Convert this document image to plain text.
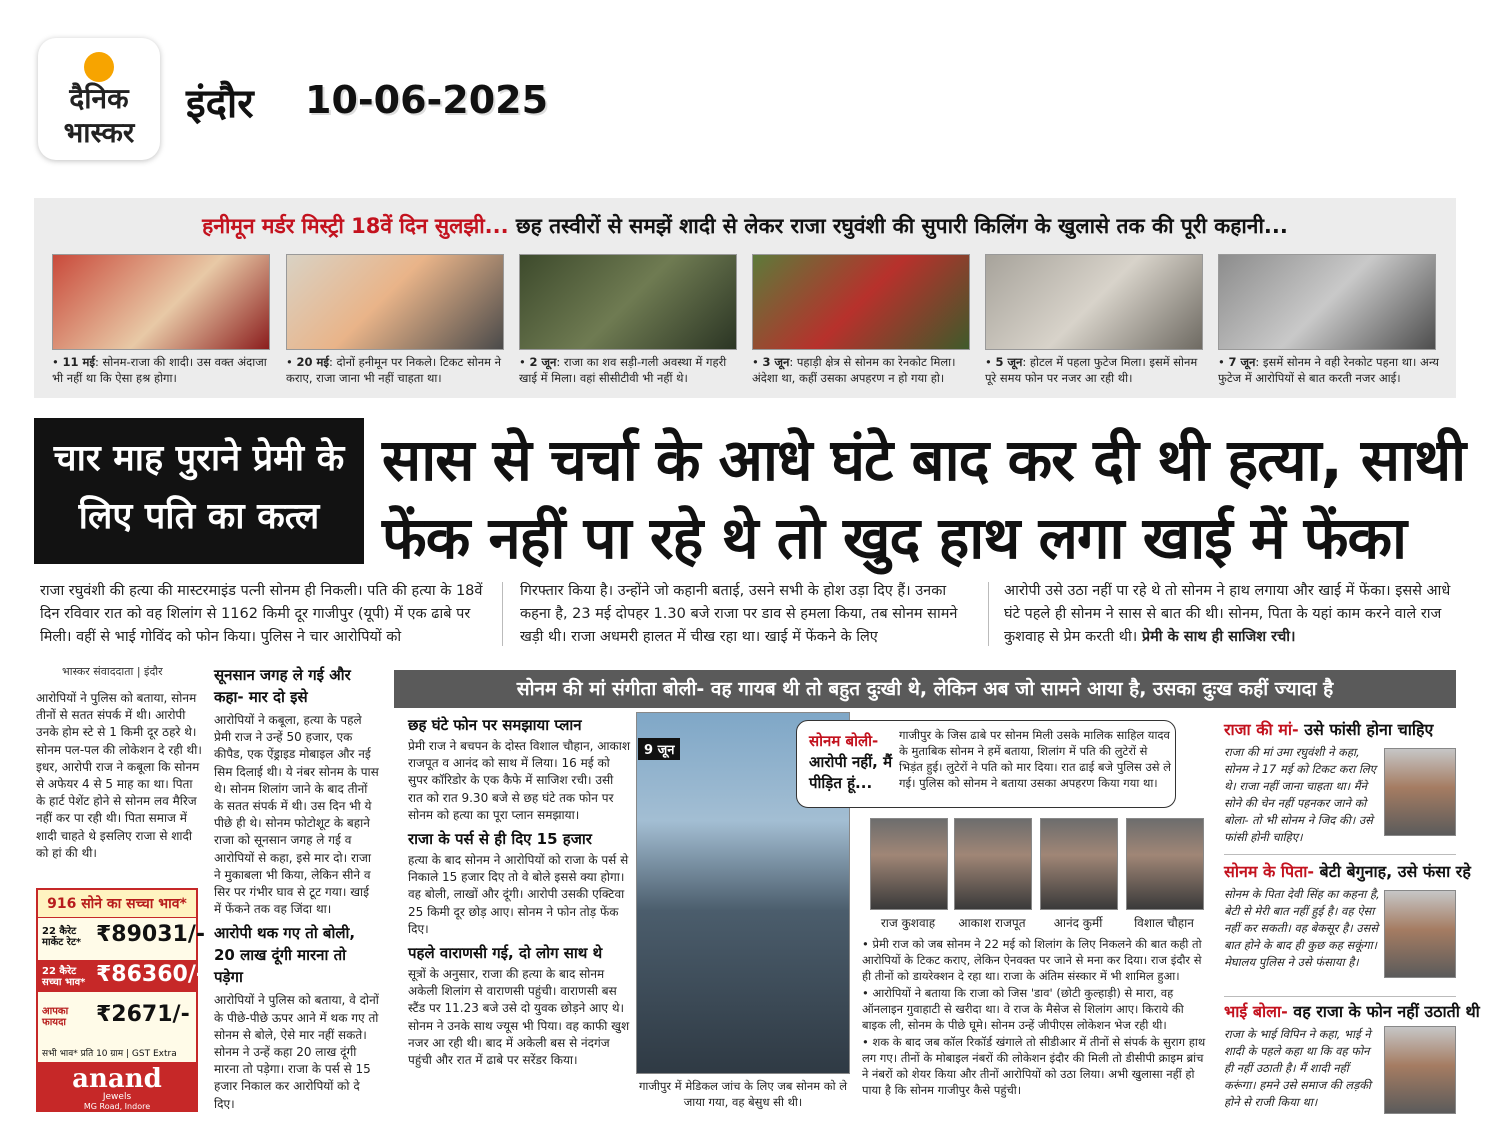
दैनिक
भास्कर
इंदौर 10-06-2025
हनीमून मर्डर मिस्ट्री 18वें दिन सुलझी... छह तस्वीरों से समझें शादी से लेकर राजा रघुवंशी की सुपारी किलिंग के खुलासे तक की पूरी कहानी...
• 11 मई: सोनम-राजा की शादी। उस वक्त अंदाजा भी नहीं था कि ऐसा हश्र होगा।
• 20 मई: दोनों हनीमून पर निकले। टिकट सोनम ने कराए, राजा जाना भी नहीं चाहता था।
• 2 जून: राजा का शव सड़ी-गली अवस्था में गहरी खाई में मिला। वहां सीसीटीवी भी नहीं थे।
• 3 जून: पहाड़ी क्षेत्र से सोनम का रेनकोट मिला। अंदेशा था, कहीं उसका अपहरण न हो गया हो।
• 5 जून: होटल में पहला फुटेज मिला। इसमें सोनम पूरे समय फोन पर नजर आ रही थी।
• 7 जून: इसमें सोनम ने वही रेनकोट पहना था। अन्य फुटेज में आरोपियों से बात करती नजर आई।
चार माह पुराने प्रेमी के
लिए पति का कत्ल
सास से चर्चा के आधे घंटे बाद कर दी थी हत्या, साथी
फेंक नहीं पा रहे थे तो खुद हाथ लगा खाई में फेंका
राजा रघुवंशी की हत्या की मास्टरमाइंड पत्नी सोनम ही निकली। पति की हत्या के 18वें दिन रविवार रात को वह शिलांग से 1162 किमी दूर गाजीपुर (यूपी) में एक ढाबे पर मिली। वहीं से भाई गोविंद को फोन किया। पुलिस ने चार आरोपियों को
गिरफ्तार किया है। उन्होंने जो कहानी बताई, उसने सभी के होश उड़ा दिए हैं। उनका कहना है, 23 मई दोपहर 1.30 बजे राजा पर डाव से हमला किया, तब सोनम सामने खड़ी थी। राजा अधमरी हालत में चीख रहा था। खाई में फेंकने के लिए
आरोपी उसे उठा नहीं पा रहे थे तो सोनम ने हाथ लगाया और खाई में फेंका। इससे आधे घंटे पहले ही सोनम ने सास से बात की थी। सोनम, पिता के यहां काम करने वाले राज कुशवाह से प्रेम करती थी। प्रेमी के साथ ही साजिश रची।
भास्कर संवाददाता | इंदौर
आरोपियों ने पुलिस को बताया, सोनम तीनों से सतत संपर्क में थी। आरोपी उनके होम स्टे से 1 किमी दूर ठहरे थे। सोनम पल-पल की लोकेशन दे रही थी। इधर, आरोपी राज ने कबूला कि सोनम से अफेयर 4 से 5 माह का था। पिता के हार्ट पेशेंट होने से सोनम लव मैरिज नहीं कर पा रही थी। पिता समाज में शादी चाहते थे इसलिए राजा से शादी को हां की थी।
916 सोने का सच्चा भाव*
22 कैरेट मार्केट रेट* ₹89031/-
22 कैरेट सच्चा भाव* ₹86360/-
आपका फायदा	₹2671/-
सभी भाव* प्रति 10 ग्राम | GST Extra
anand
Jewels
MG Road, Indore
सूनसान जगह ले गई और कहा- मार दो इसे
आरोपियों ने कबूला, हत्या के पहले प्रेमी राज ने उन्हें 50 हजार, एक कीपैड, एक ऐंड्राइड मोबाइल और नई सिम दिलाई थी। ये नंबर सोनम के पास थे। सोनम शिलांग जाने के बाद तीनों के सतत संपर्क में थी। उस दिन भी ये पीछे ही थे। सोनम फोटोशूट के बहाने राजा को सूनसान जगह ले गई व आरोपियों से कहा, इसे मार दो। राजा ने मुकाबला भी किया, लेकिन सीने व सिर पर गंभीर घाव से टूट गया। खाई में फेंकने तक वह जिंदा था।
आरोपी थक गए तो बोली, 20 लाख दूंगी मारना तो पड़ेगा
आरोपियों ने पुलिस को बताया, वे दोनों के पीछे-पीछे ऊपर आने में थक गए तो सोनम से बोले, ऐसे मार नहीं सकते। सोनम ने उन्हें कहा 20 लाख दूंगी मारना तो पड़ेगा। राजा के पर्स से 15 हजार निकाल कर आरोपियों को दे दिए।
सोनम की मां संगीता बोली- वह गायब थी तो बहुत दुःखी थे, लेकिन अब जो सामने आया है, उसका दुःख कहीं ज्यादा है
छह घंटे फोन पर समझाया प्लान
प्रेमी राज ने बचपन के दोस्त विशाल चौहान, आकाश राजपूत व आनंद को साथ में लिया। 16 मई को सुपर कॉरिडोर के एक कैफे में साजिश रची। उसी रात को रात 9.30 बजे से छह घंटे तक फोन पर सोनम को हत्या का पूरा प्लान समझाया।
राजा के पर्स से ही दिए 15 हजार
हत्या के बाद सोनम ने आरोपियों को राजा के पर्स से निकाले 15 हजार दिए तो वे बोले इससे क्या होगा। वह बोली, लाखों और दूंगी। आरोपी उसकी एक्टिवा 25 किमी दूर छोड़ आए। सोनम ने फोन तोड़ फेंक दिए।
पहले वाराणसी गई, दो लोग साथ थे
सूत्रों के अनुसार, राजा की हत्या के बाद सोनम अकेली शिलांग से वाराणसी पहुंची। वाराणसी बस स्टैंड पर 11.23 बजे उसे दो युवक छोड़ने आए थे। सोनम ने उनके साथ ज्यूस भी पिया। वह काफी खुश नजर आ रही थी। बाद में अकेली बस से नंदगंज पहुंची और रात में ढाबे पर सरेंडर किया।
9 जून
गाजीपुर में मेडिकल जांच के लिए जब सोनम को ले जाया गया, वह बेसुध सी थी।
सोनम बोली- आरोपी नहीं, मैं पीड़ित हूं...
गाजीपुर के जिस ढाबे पर सोनम मिली उसके मालिक साहिल यादव के मुताबिक सोनम ने हमें बताया, शिलांग में पति की लुटेरों से भिड़ंत हुई। लुटेरों ने पति को मार दिया। रात ढाई बजे पुलिस उसे ले गई। पुलिस को सोनम ने बताया उसका अपहरण किया गया था।
राज कुशवाह	आकाश राजपूत	आनंद कुर्मी	विशाल चौहान

• प्रेमी राज को जब सोनम ने 22 मई को शिलांग के लिए निकलने की बात कही तो आरोपियों के टिकट कराए, लेकिन ऐनवक्त पर जाने से मना कर दिया। राज इंदौर से ही तीनों को डायरेक्शन दे रहा था। राजा के अंतिम संस्कार में भी शामिल हुआ।

• आरोपियों ने बताया कि राजा को जिस 'डाव' (छोटी कुल्हाड़ी) से मारा, वह ऑनलाइन गुवाहाटी से खरीदा था। वे राज के मैसेज से शिलांग आए। किराये की बाइक ली, सोनम के पीछे घूमे। सोनम उन्हें जीपीएस लोकेशन भेज रही थी।

• शक के बाद जब कॉल रिकॉर्ड खंगाले तो सीडीआर में तीनों से संपर्क के सुराग हाथ लग गए। तीनों के मोबाइल नंबरों की लोकेशन इंदौर की मिली तो डीसीपी क्राइम ब्रांच ने नंबरों को शेयर किया और तीनों आरोपियों को उठा लिया। अभी खुलासा नहीं हो पाया है कि सोनम गाजीपुर कैसे पहुंची।

राजा की मां- उसे फांसी होना चाहिए
राजा की मां उमा रघुवंशी ने कहा, सोनम ने 17 मई को टिकट करा लिए थे। राजा नहीं जाना चाहता था। मैंने सोने की चेन नहीं पहनकर जाने को बोला- तो भी सोनम ने जिद की। उसे फांसी होनी चाहिए।
सोनम के पिता- बेटी बेगुनाह, उसे फंसा रहे
सोनम के पिता देवी सिंह का कहना है, बेटी से मेरी बात नहीं हुई है। वह ऐसा नहीं कर सकती। वह बेकसूर है। उससे बात होने के बाद ही कुछ कह सकूंगा। मेघालय पुलिस ने उसे फंसाया है।
भाई बोला- वह राजा के फोन नहीं उठाती थी
राजा के भाई विपिन ने कहा, भाई ने शादी के पहले कहा था कि वह फोन ही नहीं उठाती है। मैं शादी नहीं करूंगा। हमने उसे समाज की लड़की होने से राजी किया था।
